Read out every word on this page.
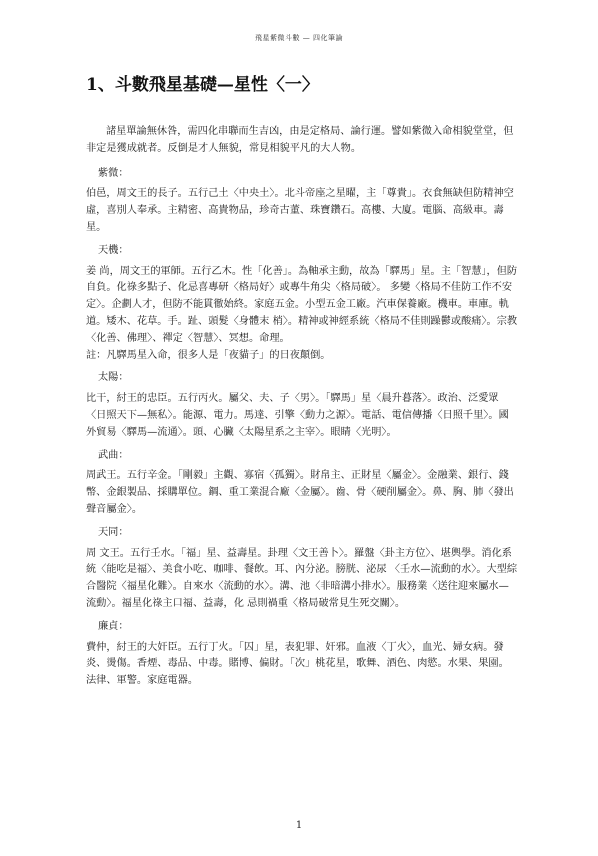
飛星紫微斗數 — 四化筆論
1、斗數飛星基礎—星性〈一〉

諸星單論無休咎，需四化串聯而生吉凶，由是定格局、論行運。譬如紫微入命相貌堂堂，但非定是獲成就者。反倒是才人無貌，常見相貌平凡的大人物。

紫微：

伯邑，周文王的長子。五行己土〈中央土〉。北斗帝座之星曜，主「尊貴」。衣食無缺但防精神空虛，喜別人奉承。主精密、高貴物品，珍奇古董、珠寶鑽石。高樓、大廈。電腦、高級車。壽星。

天機：

姜 尚，周文王的軍師。五行乙木。性「化善」。為軸承主動，故為「驛馬」星。主「智慧」，但防自負。化祿多點子、化忌喜專研〈格局好〉或專牛角尖〈格局破〉。 多變〈格局不佳防工作不安定〉。企劃人才，但防不能貫徹始終。家庭五金。小型五金工廠。汽車保養廠。機車。車庫。軌道。矮木、花草。手。趾、頭髮〈身體末 梢〉。精神或神經系統〈格局不佳則躁鬱或酸痛〉。宗教〈化善、佛理〉、禪定〈智慧〉、冥想。命理。

註：凡驛馬星入命，很多人是「夜貓子」的日夜顛倒。

太陽：

比干，紂王的忠臣。五行丙火。屬父、夫、子〈男〉。「驛馬」星〈晨升暮落〉。政治、泛愛眾〈日照天下—無私〉。能源、電力。馬達、引擎〈動力之源〉。電話、電信傳播〈日照千里〉。國外貿易〈驛馬—流通〉。頭、心臟〈太陽星系之主宰〉。眼睛〈光明〉。

武曲：

周武王。五行辛金。「剛毅」主觀、寡宿〈孤獨〉。財帛主、正財星〈屬金〉。金融業、銀行、錢幣、金銀製品、採購單位。鋼、重工業混合廠〈金屬〉。齒、骨〈硬削屬金〉。鼻、胸、肺〈發出聲音屬金〉。

天同：

周 文王。五行壬水。「福」星、益壽星。卦理〈文王善卜〉。羅盤〈卦主方位〉、堪輿學。消化系統〈能吃是福〉、美食小吃、咖啡、餐飲。耳、內分泌。膀胱、泌尿 〈壬水—流動的水〉。大型綜合醫院〈福星化難〉。自來水〈流動的水〉。溝、池〈非暗溝小排水〉。服務業〈送往迎來屬水—流動〉。福星化祿主口福、益壽，化 忌則禍重〈格局破常見生死交關〉。

廉貞：

費仲，紂王的大奸臣。五行丁火。「囚」星，表犯罪、奸邪。血液〈丁火〉，血光、婦女病。發炎、燙傷。香煙、毒品、中毒。賭博、偏財。「次」桃花星，歌舞、酒色、肉慾。水果、果園。法律、軍警。家庭電器。

1
